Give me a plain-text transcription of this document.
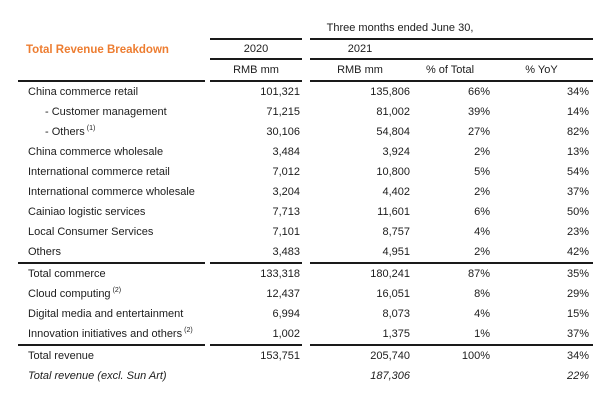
				Three months ended June 30,		
Total Revenue Breakdown		2020		2021		
		RMB mm		RMB mm	% of Total	% YoY
China commerce retail		101,321		135,806	66%	34%
- Customer management		71,215		81,002	39%	14%
- Others $^{(1)}$		30,106		54,804	27%	82%
China commerce wholesale		3,484		3,924	2%	13%
International commerce retail		7,012		10,800	5%	54%
International commerce wholesale		3,204		4,402	2%	37%
Cainiao logistic services		7,713		11,601	6%	50%
Local Consumer Services		7,101		8,757	4%	23%
Others		3,483		4,951	2%	42%
Total commerce		133,318		180,241	87%	35%
Cloud computing $^{(2)}$		12,437		16,051	8%	29%
Digital media and entertainment		6,994		8,073	4%	15%
Innovation initiatives and others $^{(2)}$		1,002		1,375	1%	37%
Total revenue		153,751		205,740	100%	34%
Total revenue (excl. Sun Art)				187,306		22%
